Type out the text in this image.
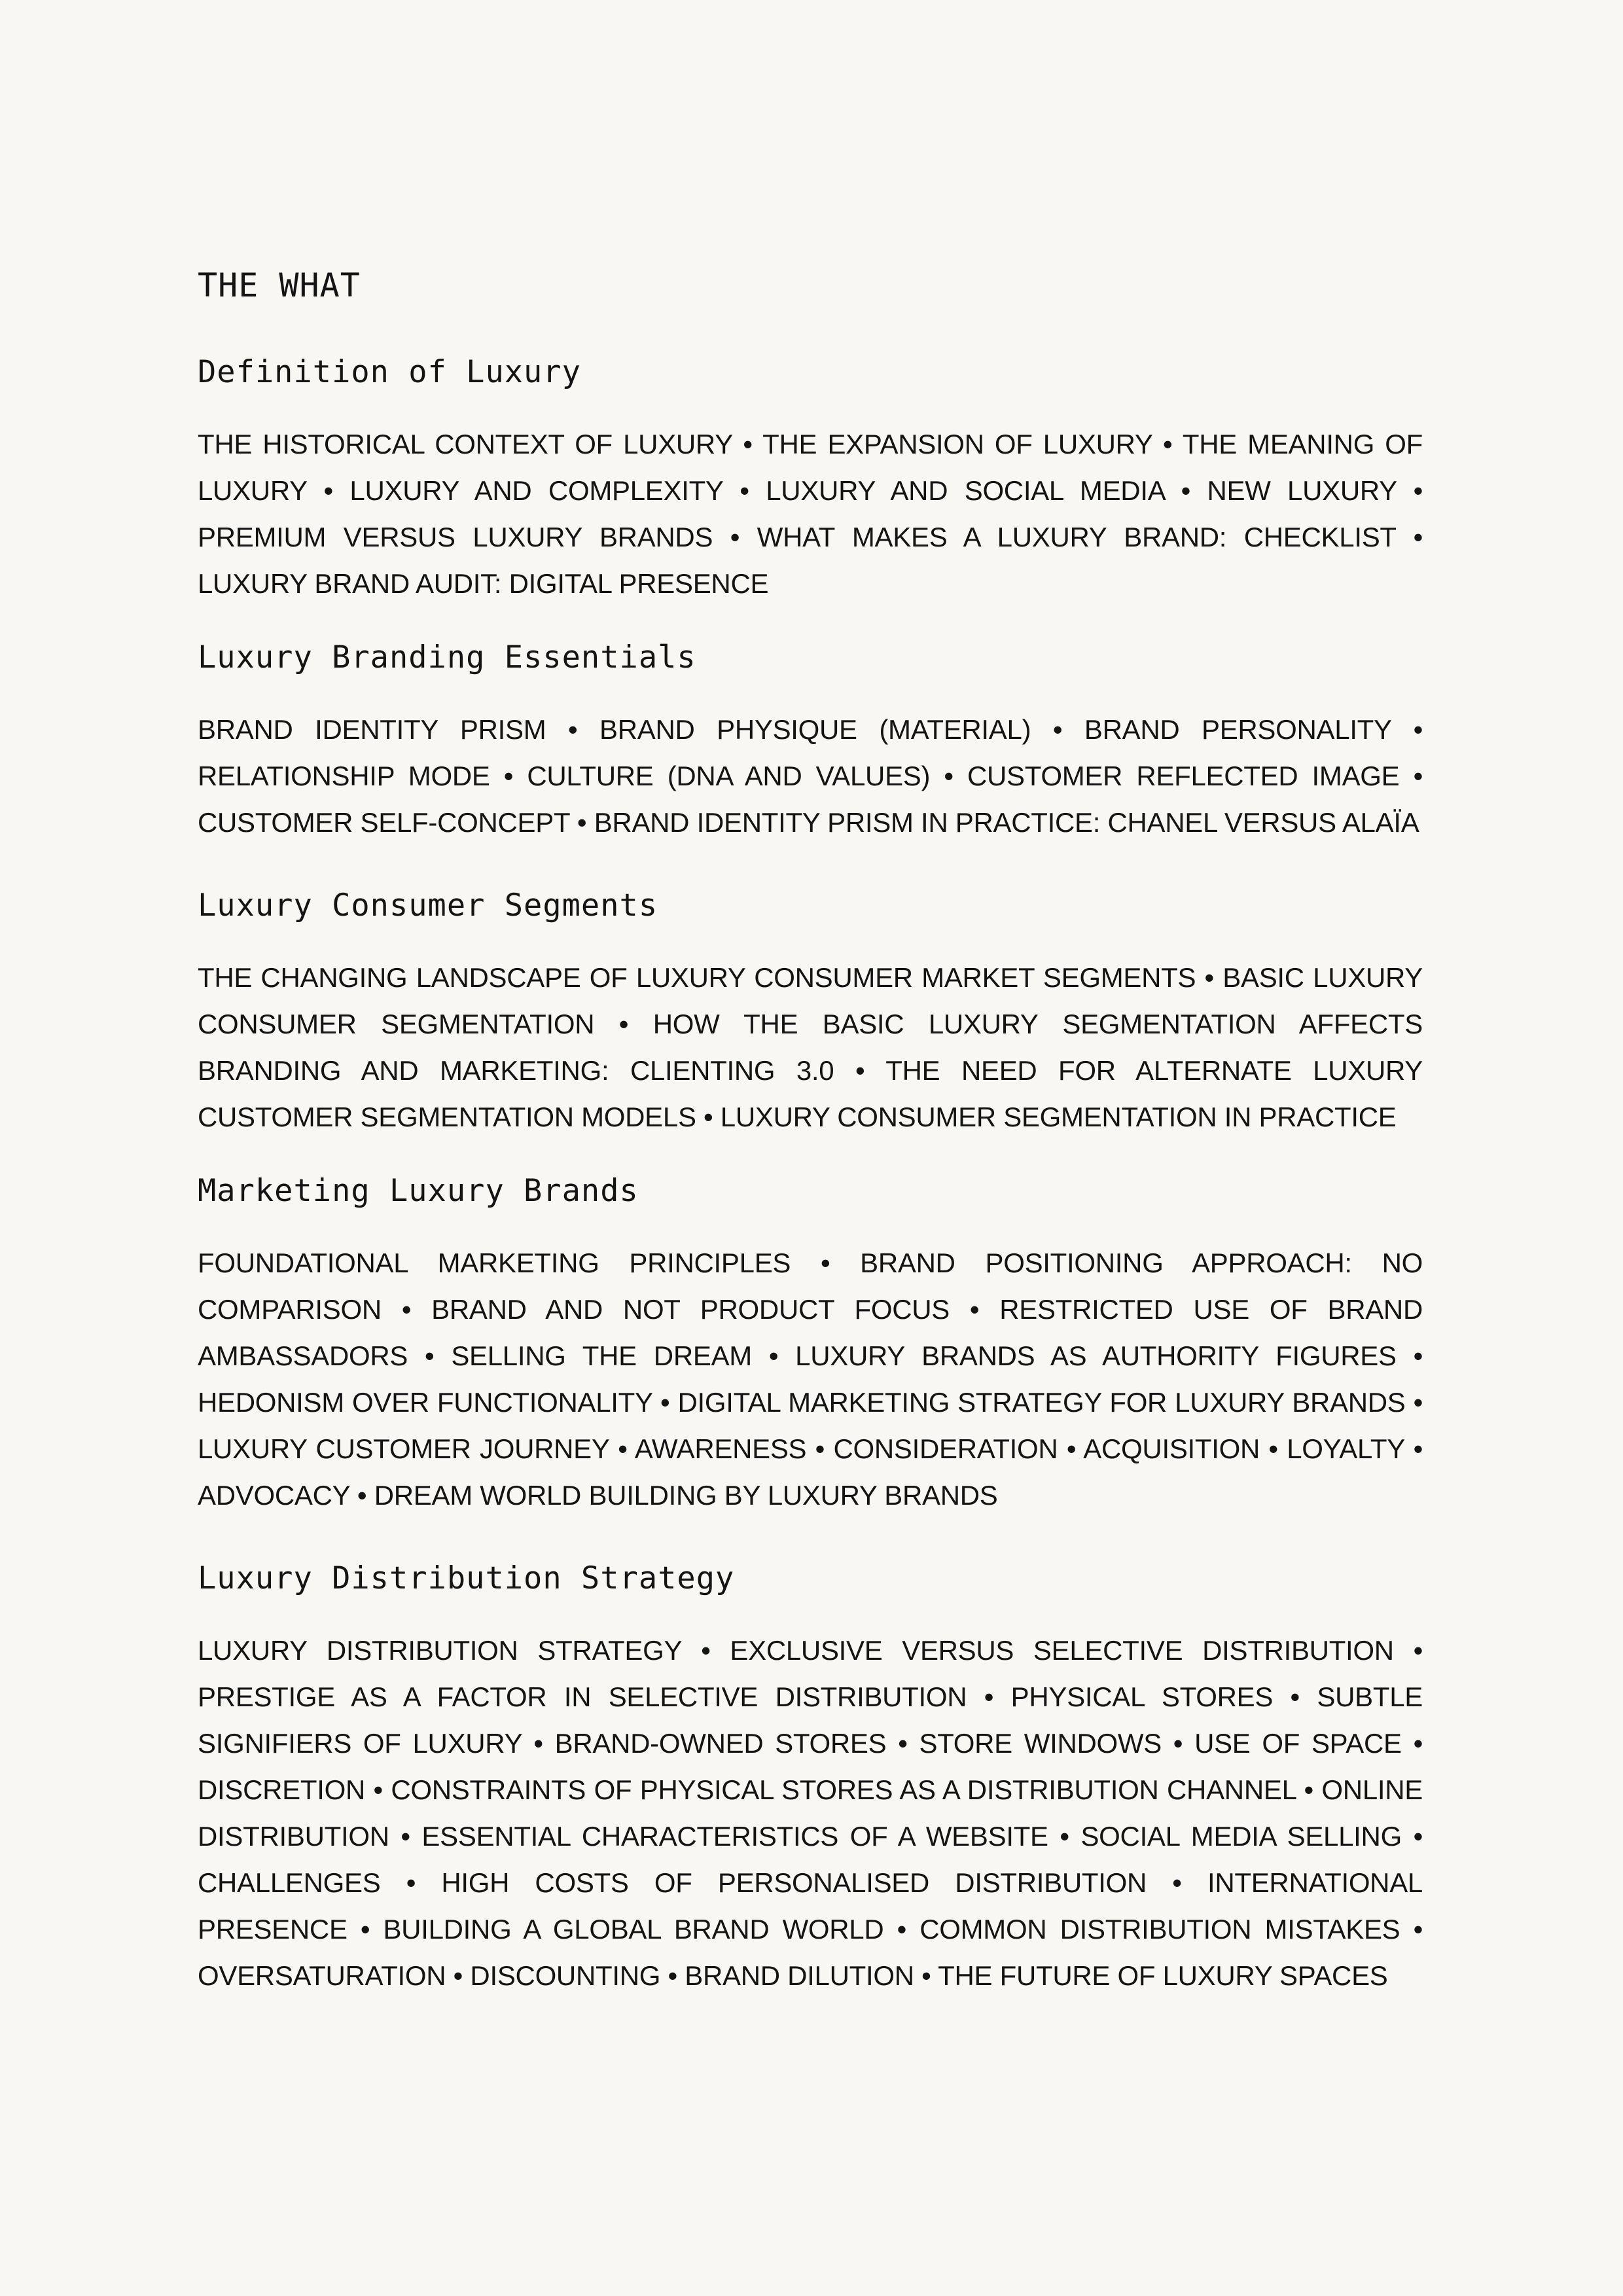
THE WHAT
Definition of Luxury

THE HISTORICAL CONTEXT OF LUXURY • THE EXPANSION OF LUXURY • THE MEANING OF LUXURY • LUXURY AND COMPLEXITY • LUXURY AND SOCIAL MEDIA • NEW LUXURY • PREMIUM VERSUS LUXURY BRANDS • WHAT MAKES A LUXURY BRAND: CHECKLIST • LUXURY BRAND AUDIT: DIGITAL PRESENCE

Luxury Branding Essentials

BRAND IDENTITY PRISM • BRAND PHYSIQUE (MATERIAL) • BRAND PERSONALITY • RELATIONSHIP MODE • CULTURE (DNA AND VALUES) • CUSTOMER REFLECTED IMAGE • CUSTOMER SELF-CONCEPT • BRAND IDENTITY PRISM IN PRACTICE: CHANEL VERSUS ALAÏA

Luxury Consumer Segments

THE CHANGING LANDSCAPE OF LUXURY CONSUMER MARKET SEGMENTS • BASIC LUXURY CONSUMER SEGMENTATION • HOW THE BASIC LUXURY SEGMENTATION AFFECTS BRANDING AND MARKETING: CLIENTING 3.0 • THE NEED FOR ALTERNATE LUXURY CUSTOMER SEGMENTATION MODELS • LUXURY CONSUMER SEGMENTATION IN PRACTICE

Marketing Luxury Brands

FOUNDATIONAL MARKETING PRINCIPLES • BRAND POSITIONING APPROACH: NO COMPARISON • BRAND AND NOT PRODUCT FOCUS • RESTRICTED USE OF BRAND AMBASSADORS • SELLING THE DREAM • LUXURY BRANDS AS AUTHORITY FIGURES • HEDONISM OVER FUNCTIONALITY • DIGITAL MARKETING STRATEGY FOR LUXURY BRANDS • LUXURY CUSTOMER JOURNEY • AWARENESS • CONSIDERATION • ACQUISITION • LOYALTY • ADVOCACY • DREAM WORLD BUILDING BY LUXURY BRANDS

Luxury Distribution Strategy

LUXURY DISTRIBUTION STRATEGY • EXCLUSIVE VERSUS SELECTIVE DISTRIBUTION • PRESTIGE AS A FACTOR IN SELECTIVE DISTRIBUTION • PHYSICAL STORES • SUBTLE SIGNIFIERS OF LUXURY • BRAND-OWNED STORES • STORE WINDOWS • USE OF SPACE • DISCRETION • CONSTRAINTS OF PHYSICAL STORES AS A DISTRIBUTION CHANNEL • ONLINE DISTRIBUTION • ESSENTIAL CHARACTERISTICS OF A WEBSITE • SOCIAL MEDIA SELLING • CHALLENGES • HIGH COSTS OF PERSONALISED DISTRIBUTION • INTERNATIONAL PRESENCE • BUILDING A GLOBAL BRAND WORLD • COMMON DISTRIBUTION MISTAKES • OVERSATURATION • DISCOUNTING • BRAND DILUTION • THE FUTURE OF LUXURY SPACES
